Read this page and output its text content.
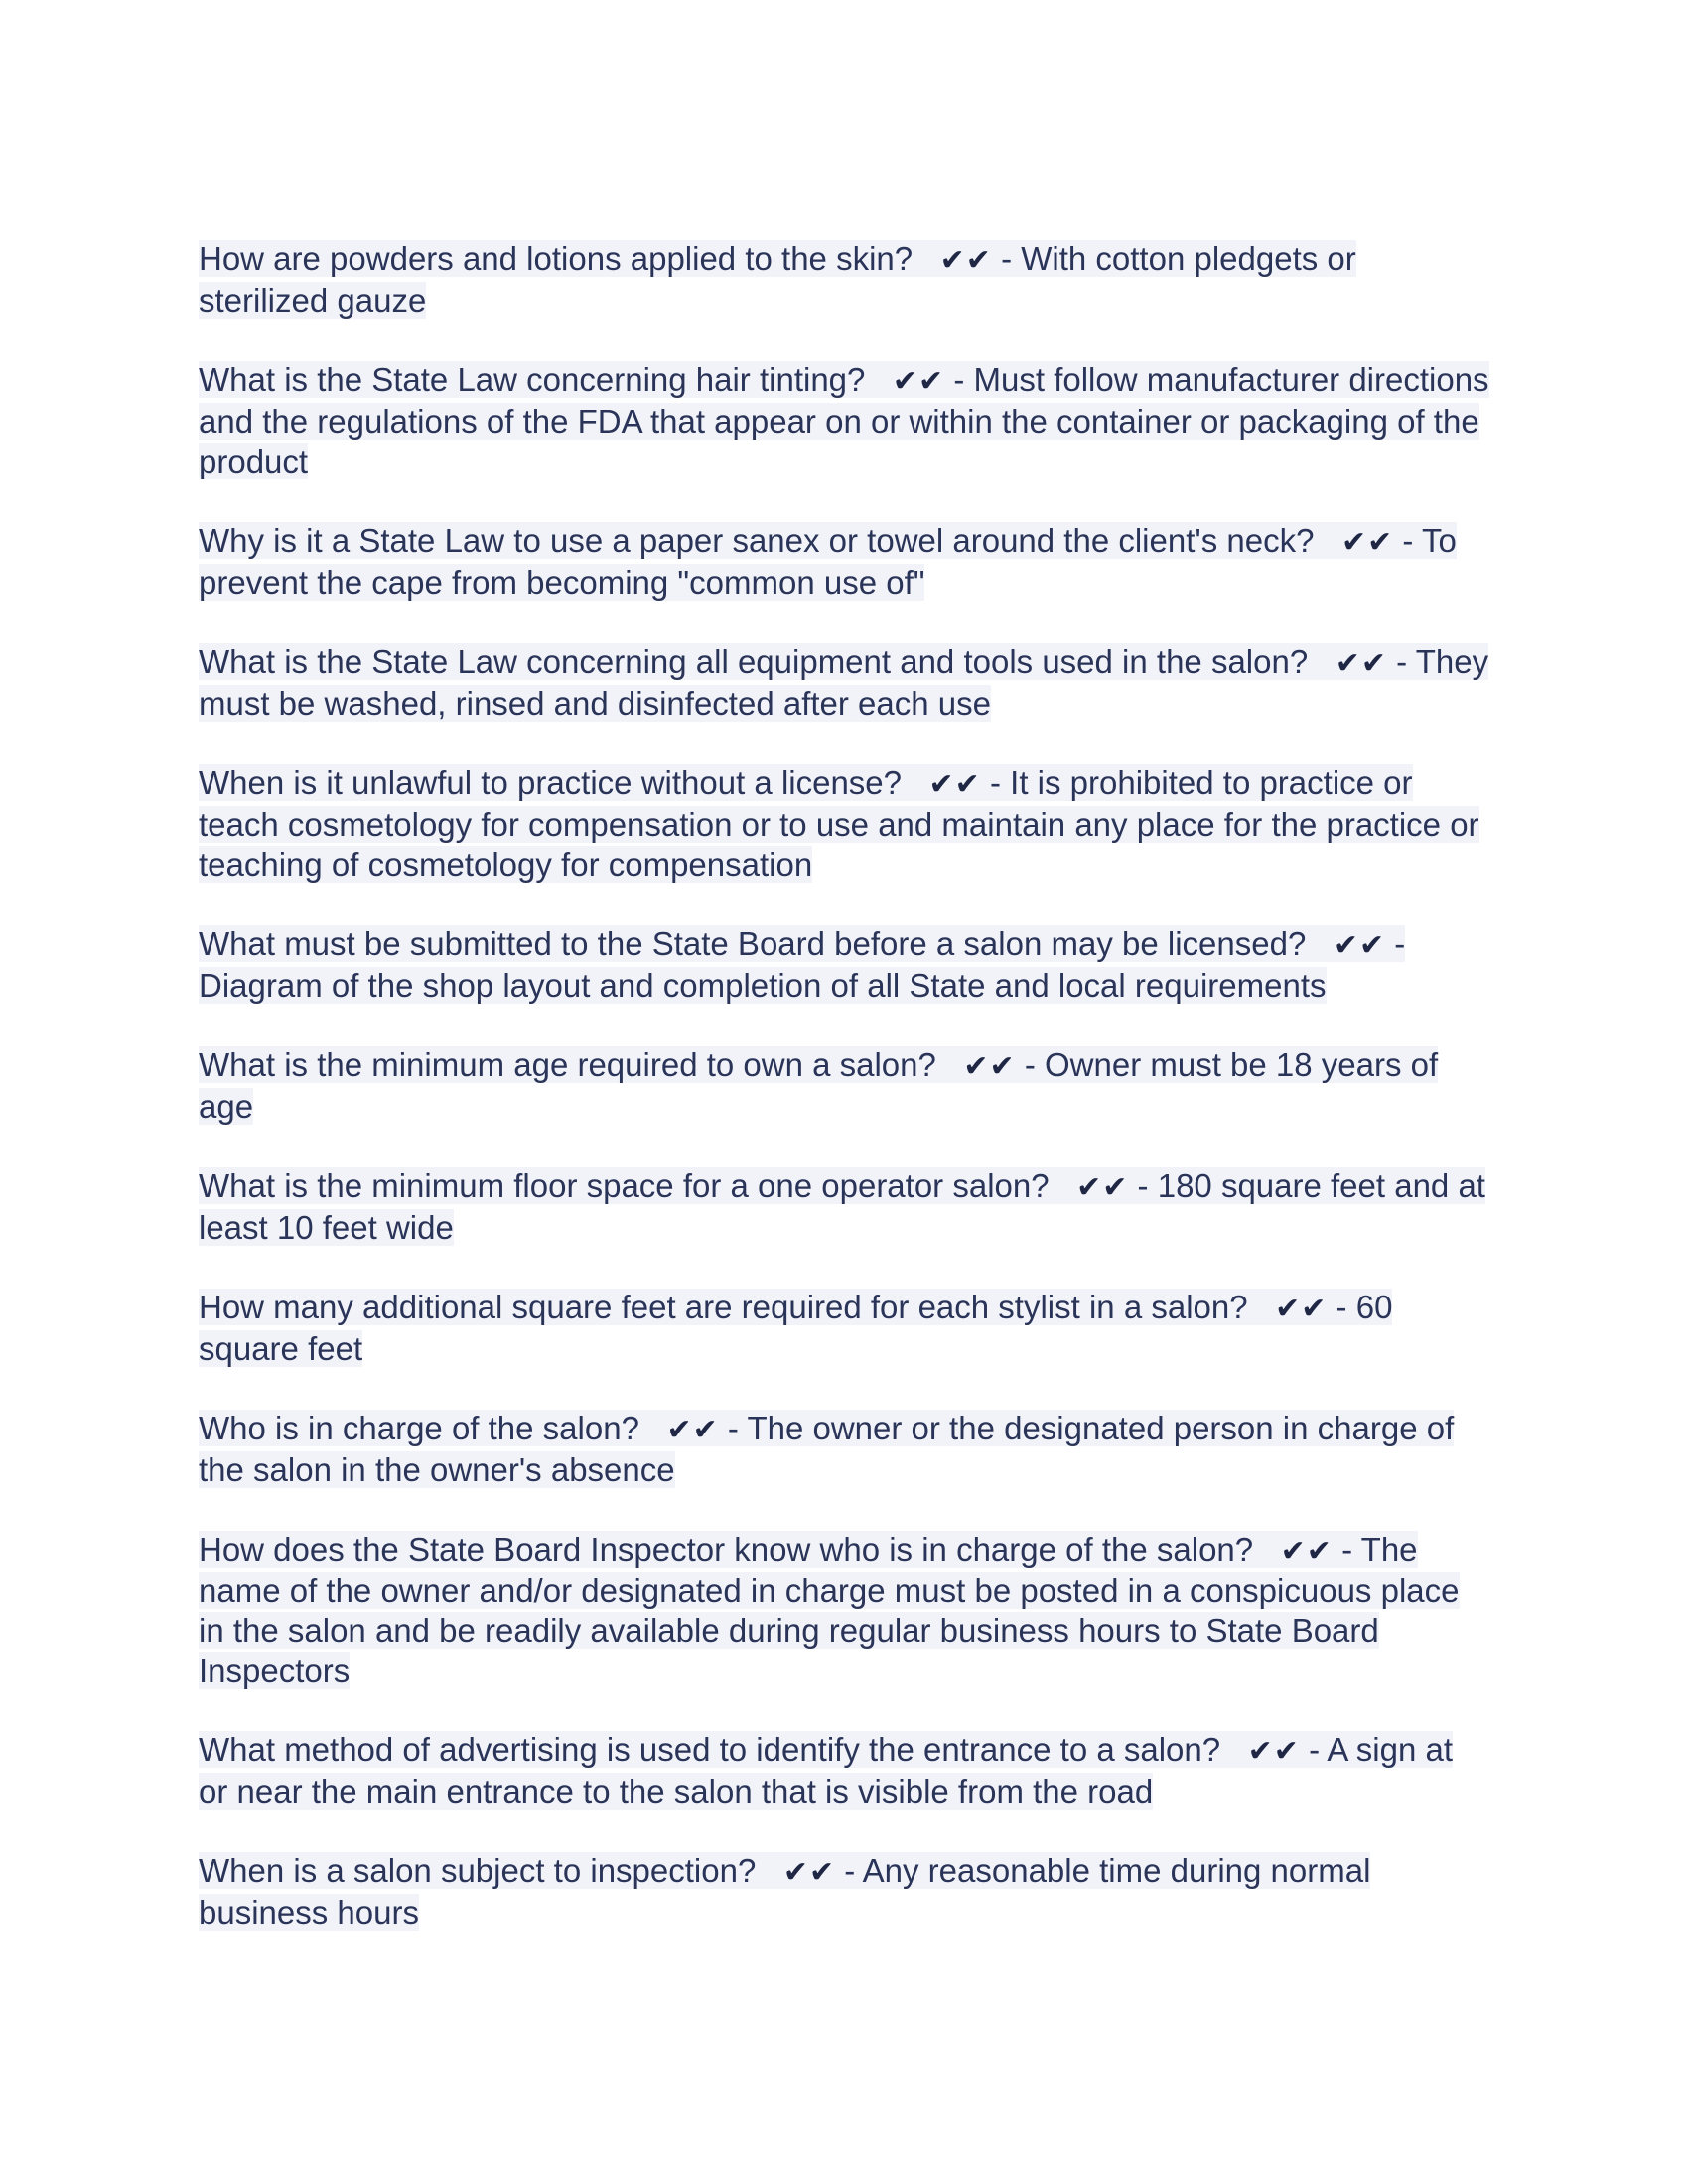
How are powders and lotions applied to the skin? ✔✔ - With cotton pledgets or sterilized gauze
What is the State Law concerning hair tinting? ✔✔ - Must follow manufacturer directions and the regulations of the FDA that appear on or within the container or packaging of the product
Why is it a State Law to use a paper sanex or towel around the client's neck? ✔✔ - To prevent the cape from becoming "common use of"
What is the State Law concerning all equipment and tools used in the salon? ✔✔ - They must be washed, rinsed and disinfected after each use
When is it unlawful to practice without a license? ✔✔ - It is prohibited to practice or teach cosmetology for compensation or to use and maintain any place for the practice or teaching of cosmetology for compensation
What must be submitted to the State Board before a salon may be licensed? ✔✔ - Diagram of the shop layout and completion of all State and local requirements
What is the minimum age required to own a salon? ✔✔ - Owner must be 18 years of age
What is the minimum floor space for a one operator salon? ✔✔ - 180 square feet and at least 10 feet wide
How many additional square feet are required for each stylist in a salon? ✔✔ - 60 square feet
Who is in charge of the salon? ✔✔ - The owner or the designated person in charge of the salon in the owner's absence
How does the State Board Inspector know who is in charge of the salon? ✔✔ - The name of the owner and/or designated in charge must be posted in a conspicuous place in the salon and be readily available during regular business hours to State Board Inspectors
What method of advertising is used to identify the entrance to a salon? ✔✔ - A sign at or near the main entrance to the salon that is visible from the road
When is a salon subject to inspection? ✔✔ - Any reasonable time during normal business hours
